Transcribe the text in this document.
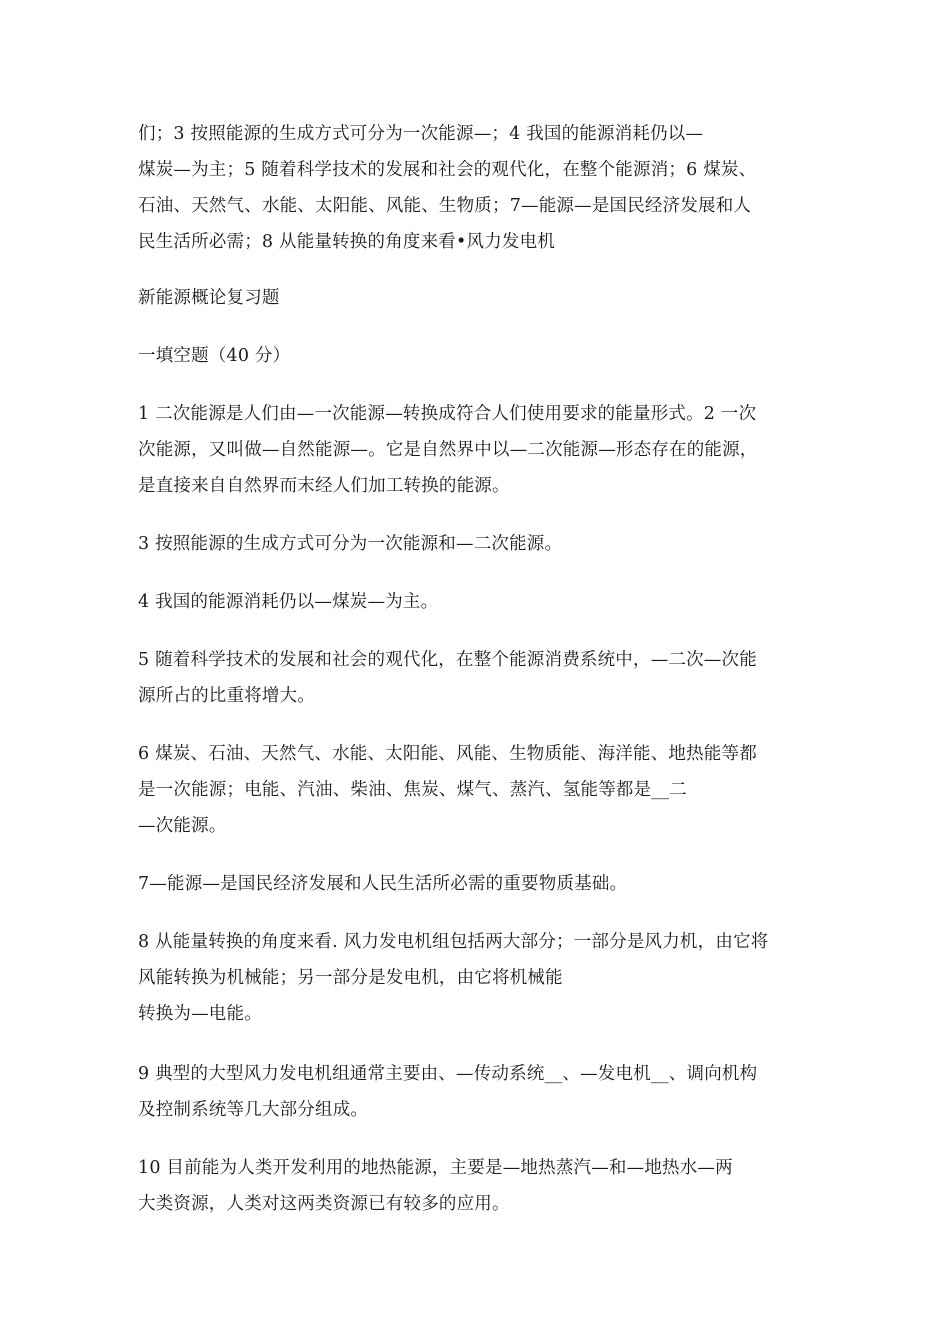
们；3 按照能源的生成方式可分为一次能源—；4 我国的能源消耗仍以—
煤炭—为主；5 随着科学技术的发展和社会的观代化，在整个能源消；6 煤炭、
石油、天然气、水能、太阳能、风能、生物质；7—能源—是国民经济发展和人
民生活所必需；8 从能量转换的角度来看•风力发电机
新能源概论复习题
一填空题（40 分）
1 二次能源是人们由—一次能源—转换成符合人们使用要求的能量形式。2 一次
次能源，又叫做—自然能源—。它是自然界中以—二次能源—形态存在的能源，
是直接来自自然界而末经人们加工转换的能源。
3 按照能源的生成方式可分为一次能源和—二次能源。
4 我国的能源消耗仍以—煤炭—为主。
5 随着科学技术的发展和社会的观代化，在整个能源消费系统中，—二次—次能
源所占的比重将增大。
6 煤炭、石油、天然气、水能、太阳能、风能、生物质能、海洋能、地热能等都
是一次能源；电能、汽油、柴油、焦炭、煤气、蒸汽、氢能等都是__二
—次能源。
7—能源—是国民经济发展和人民生活所必需的重要物质基础。
8 从能量转换的角度来看. 风力发电机组包括两大部分；一部分是风力机，由它将
风能转换为机械能；另一部分是发电机，由它将机械能
转换为—电能。
9 典型的大型风力发电机组通常主要由、—传动系统__、—发电机__、调向机构
及控制系统等几大部分组成。
10 目前能为人类开发利用的地热能源，主要是—地热蒸汽—和—地热水—两
大类资源，人类对这两类资源已有较多的应用。
